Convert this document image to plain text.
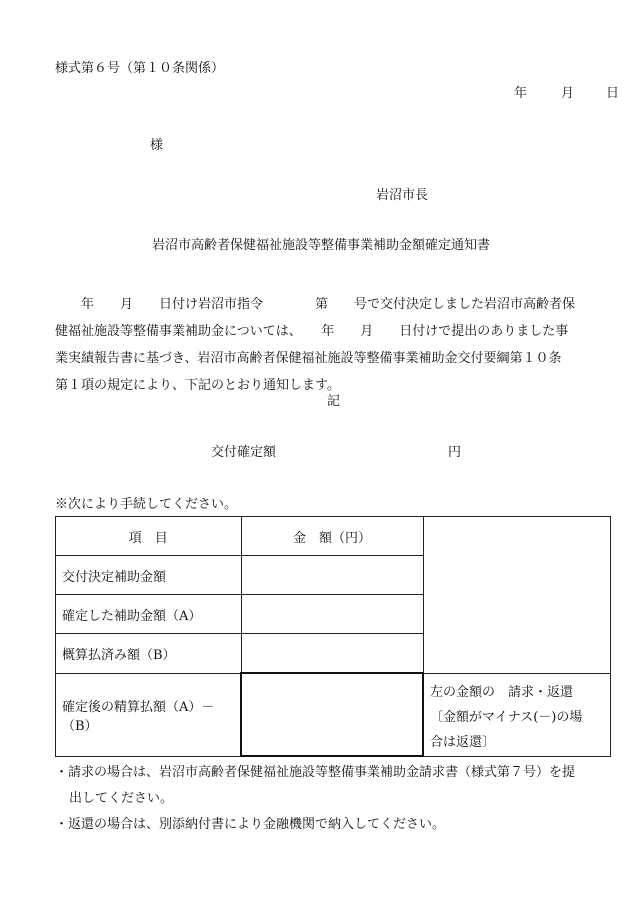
様式第６号（第１０条関係）
年	月 日
様
岩沼市長
岩沼市高齢者保健福祉施設等整備事業補助金額確定通知書
　　年　　月　　日付け岩沼市指令　　　　第　　号で交付決定しました岩沼市高齢者保
健福祉施設等整備事業補助金については、　　年　　月　　日付けで提出のありました事
業実績報告書に基づき、岩沼市高齢者保健福祉施設等整備事業補助金交付要綱第１０条
第１項の規定により、下記のとおり通知します。
記
交付確定額	円
※次により手続してください。
項　目	金　額（円）	
交付決定補助金額		
確定した補助金額（A）		
概算払済み額（B）		
確定後の精算払額（A）－（B）		左の金額の　請求・返還
〔金額がマイナス(－)の場
合は返還〕
・請求の場合は、岩沼市高齢者保健福祉施設等整備事業補助金請求書（様式第７号）を提
出してください。
・返還の場合は、別添納付書により金融機関で納入してください。
